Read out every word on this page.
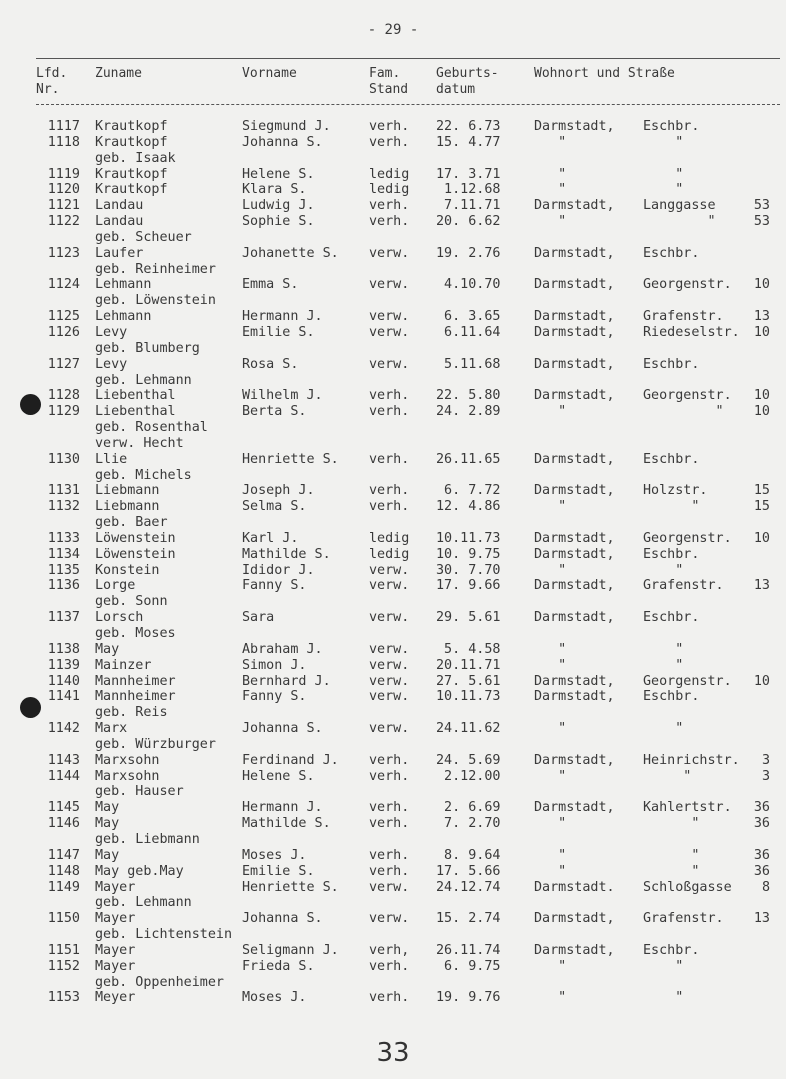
- 29 -
Lfd.
Nr.
Zuname	Vorname	Fam.
Stand
Geburts-
datum
Wohnort und Straße
1117 Krautkopf	Siegmund J.	verh. 22. 6.73	Darmstadt, Eschbr.
1118 Krautkopf	Johanna S.	verh. 15. 4.77	"	"
geb. Isaak
1119 Krautkopf	Helene S.	ledig 17. 3.71	"	"
1120 Krautkopf	Klara S.	ledig 1.12.68	"	"
1121 Landau	Ludwig J.	verh. 7.11.71	Darmstadt, Langgasse	53
1122 Landau	Sophie S.	verh. 20. 6.62	"	"	53
geb. Scheuer
1123 Laufer	Johanette S. verw. 19. 2.76	Darmstadt, Eschbr.
geb. Reinheimer
1124 Lehmann	Emma S.	verw. 4.10.70	Darmstadt, Georgenstr.	10
geb. Löwenstein
1125 Lehmann	Hermann J.	verw. 6. 3.65	Darmstadt, Grafenstr.	13
1126 Levy	Emilie S.	verw. 6.11.64	Darmstadt, Riedeselstr.	10
geb. Blumberg
1127 Levy	Rosa S.	verw. 5.11.68	Darmstadt, Eschbr.
geb. Lehmann
1128 Liebenthal	Wilhelm J.	verh. 22. 5.80	Darmstadt, Georgenstr.	10
1129 Liebenthal	Berta S.	verh. 24. 2.89	"	"	10
geb. Rosenthal
verw. Hecht
1130 Llie	Henriette S. verh. 26.11.65	Darmstadt, Eschbr.
geb. Michels
1131 Liebmann	Joseph J.	verh. 6. 7.72	Darmstadt, Holzstr.	15
1132 Liebmann	Selma S.	verh. 12. 4.86	"	"	15
geb. Baer
1133 Löwenstein	Karl J.	ledig 10.11.73	Darmstadt, Georgenstr.	10
1134 Löwenstein	Mathilde S.	ledig 10. 9.75	Darmstadt, Eschbr.
1135 Konstein	Ididor J.	verw. 30. 7.70	"	"
1136 Lorge	Fanny S.	verw. 17. 9.66	Darmstadt, Grafenstr.	13
geb. Sonn
1137 Lorsch	Sara	verw. 29. 5.61	Darmstadt, Eschbr.
geb. Moses
1138 May	Abraham J.	verw. 5. 4.58	"	"
1139 Mainzer	Simon J.	verw. 20.11.71	"	"
1140 Mannheimer	Bernhard J.	verw. 27. 5.61	Darmstadt, Georgenstr.	10
1141 Mannheimer	Fanny S.	verw. 10.11.73	Darmstadt, Eschbr.
geb. Reis
1142 Marx	Johanna S.	verw. 24.11.62	"	"
geb. Würzburger
1143 Marxsohn	Ferdinand J. verh. 24. 5.69	Darmstadt, Heinrichstr.	3
1144 Marxsohn	Helene S.	verh. 2.12.00	"	"	3
geb. Hauser
1145 May	Hermann J.	verh. 2. 6.69	Darmstadt, Kahlertstr.	36
1146 May	Mathilde S.	verh. 7. 2.70	"	"	36
geb. Liebmann
1147 May	Moses J.	verh. 8. 9.64	"	"	36
1148 May geb.May	Emilie S.	verh. 17. 5.66	"	"	36
1149 Mayer	Henriette S. verw. 24.12.74	Darmstadt. Schloßgasse	8
geb. Lehmann
1150 Mayer	Johanna S.	verw. 15. 2.74	Darmstadt, Grafenstr.	13
geb. Lichtenstein
1151 Mayer	Seligmann J. verh, 26.11.74	Darmstadt, Eschbr.
1152 Mayer	Frieda S.	verh. 6. 9.75	"	"
geb. Oppenheimer
1153 Meyer	Moses J.	verh. 19. 9.76	"	"
33
